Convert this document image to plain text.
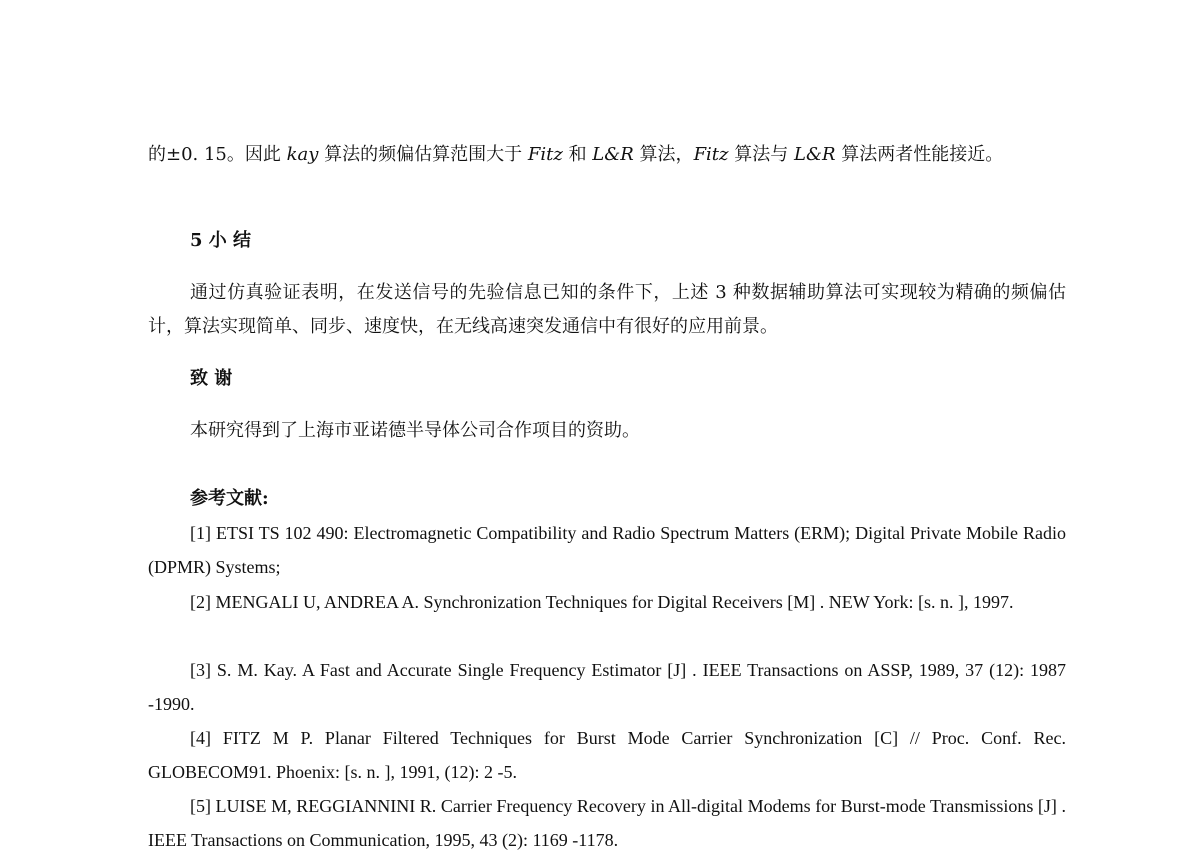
的±0. 15。因此 kay 算法的频偏估算范围大于 Fitz 和 L&R 算法，Fitz 算法与 L&R 算法两者性能接近。

5 小 结

通过仿真验证表明，在发送信号的先验信息已知的条件下，上述 3 种数据辅助算法可实现较为精确的频偏估计，算法实现简单、同步、速度快，在无线高速突发通信中有很好的应用前景。

致 谢

本研究得到了上海市亚诺德半导体公司合作项目的资助。

参考文献:

[1] ETSI TS 102 490: Electromagnetic Compatibility and Radio Spectrum Matters (ERM); Digital Private Mobile Radio (DPMR) Systems;

[2] MENGALI U, ANDREA A. Synchronization Techniques for Digital Receivers [M] . NEW York: [s. n. ], 1997.

[3] S. M. Kay. A Fast and Accurate Single Frequency Estimator [J] . IEEE Transactions on ASSP, 1989, 37 (12): 1987 -1990.

[4] FITZ M P. Planar Filtered Techniques for Burst Mode Carrier Synchronization [C] // Proc. Conf. Rec. GLOBECOM91. Phoenix: [s. n. ], 1991, (12): 2 -5.

[5] LUISE M, REGGIANNINI R. Carrier Frequency Recovery in All-digital Modems for Burst-mode Transmissions [J] . IEEE Transactions on Communication, 1995, 43 (2): 1169 -1178.
